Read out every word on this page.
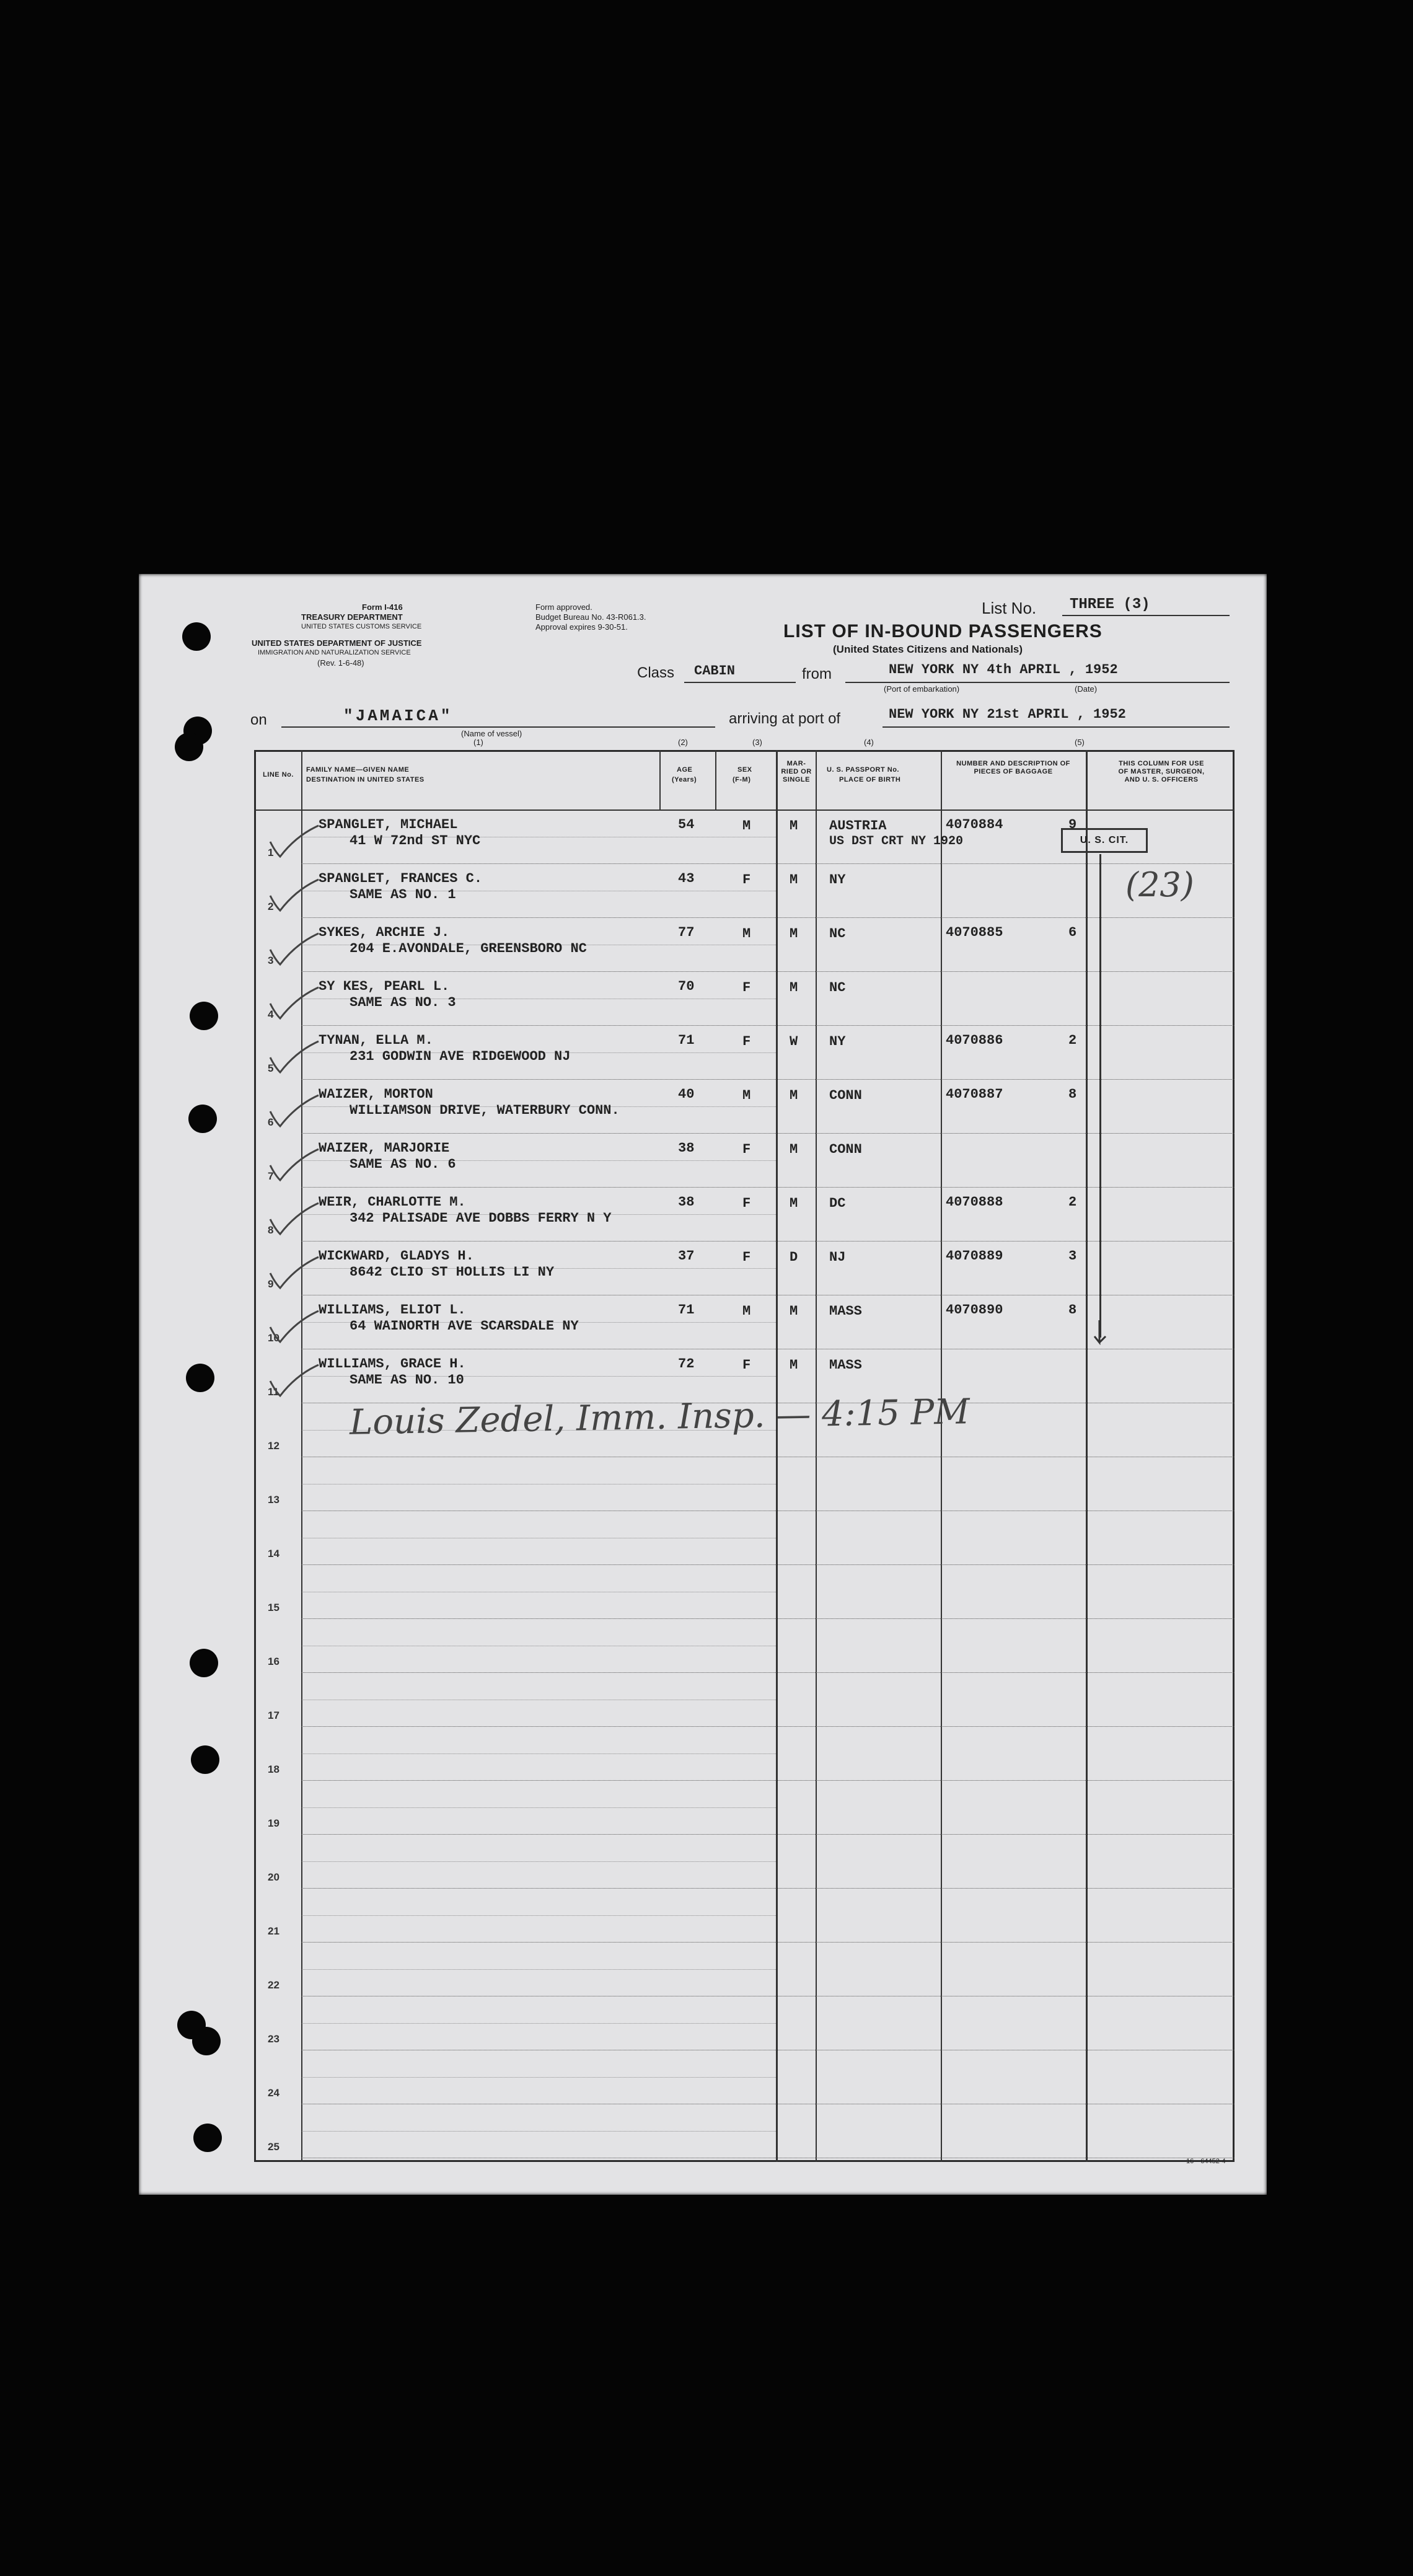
Form I-416
TREASURY DEPARTMENT
UNITED STATES CUSTOMS SERVICE
UNITED STATES DEPARTMENT OF JUSTICE
IMMIGRATION AND NATURALIZATION SERVICE
(Rev. 1-6-48)
Form approved.
Budget Bureau No. 43-R061.3.
Approval expires 9-30-51.
List No. THREE (3)
LIST OF IN-BOUND PASSENGERS
(United States Citizens and Nationals)
Class CABIN	from	NEW YORK NY 4th APRIL , 1952
(Port of embarkation)	(Date)
on	"JAMAICA"
(Name of vessel)
arriving at port of	NEW YORK NY 21st APRIL , 1952
(1)	(2)	(3)	(4)	(5)
LINE No.
FAMILY NAME—GIVEN NAME
DESTINATION IN UNITED STATES
AGE
(Years)
SEX
(F-M)
MAR-RIED OR SINGLE
U. S. PASSPORT No.
PLACE OF BIRTH
NUMBER AND DESCRIPTION OF PIECES OF BAGGAGE
THIS COLUMN FOR USE OF MASTER, SURGEON, AND U. S. OFFICERS
1
SPANGLET, MICHAEL
41 W 72nd ST NYC
54	M	M AUSTRIA
US DST CRT NY 1920
4070884	9
2
SPANGLET, FRANCES C.
SAME AS NO. 1
43	F	M NY
3
SYKES, ARCHIE J.
204 E.AVONDALE, GREENSBORO NC
77	M	M NC	4070885	6
4
SY KES, PEARL L.
SAME AS NO. 3
70	F	M NC
5
TYNAN, ELLA M.
231 GODWIN AVE RIDGEWOOD NJ
71	F	W NY	4070886	2
6
WAIZER, MORTON
WILLIAMSON DRIVE, WATERBURY CONN.
40	M	M CONN	4070887	8
7
WAIZER, MARJORIE
SAME AS NO. 6
38	F	M CONN
8
WEIR, CHARLOTTE M.
342 PALISADE AVE DOBBS FERRY N Y
38	F	M DC	4070888	2
9
WICKWARD, GLADYS H.
8642 CLIO ST HOLLIS LI NY
37	F	D NJ	4070889	3
10
WILLIAMS, ELIOT L.
64 WAINORTH AVE SCARSDALE NY
71	M	M MASS	4070890	8
11
WILLIAMS, GRACE H.
SAME AS NO. 10
72	F	M MASS
12
13
14
15
16
17
18
19
20
21
22
23
24
25
U. S. CIT.
(23)
Louis Zedel, Imm. Insp. — 4:15 PM
16—64452-4
